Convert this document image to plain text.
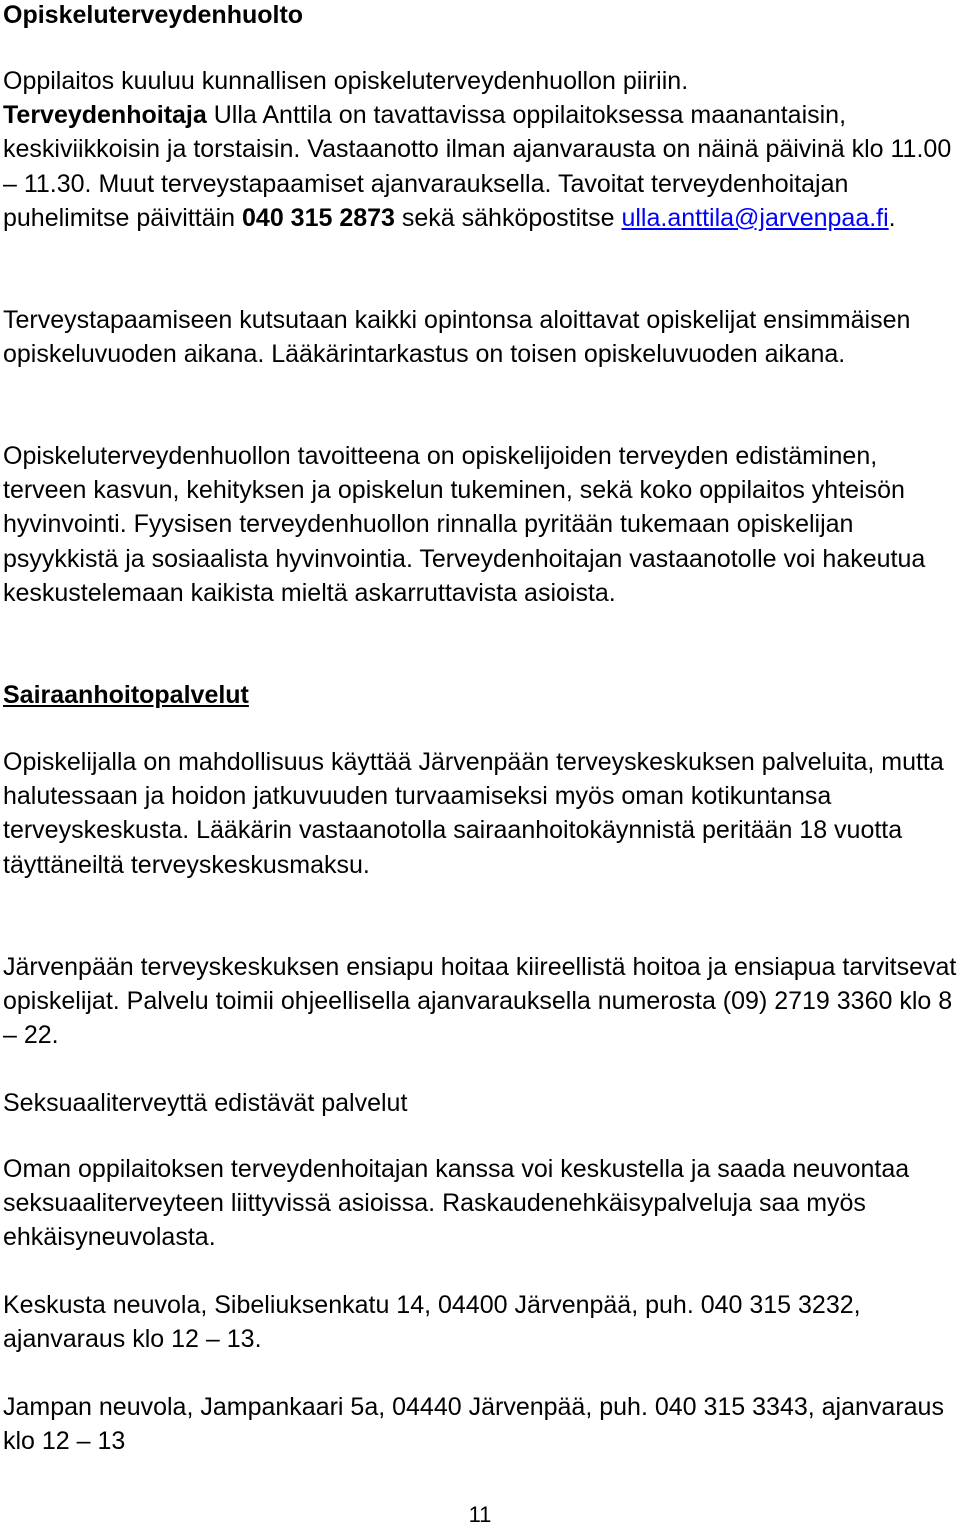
Opiskeluterveydenhuolto

Oppilaitos kuuluu kunnallisen opiskeluterveydenhuollon piiriin.
Terveydenhoitaja Ulla Anttila on tavattavissa oppilaitoksessa maanantaisin, keskiviikkoisin ja torstaisin. Vastaanotto ilman ajanvarausta on näinä päivinä klo 11.00 – 11.30. Muut terveystapaamiset ajanvarauksella. Tavoitat terveydenhoitajan puhelimitse päivittäin 040 315 2873 sekä sähköpostitse ulla.anttila@jarvenpaa.fi.

Terveystapaamiseen kutsutaan kaikki opintonsa aloittavat opiskelijat ensimmäisen opiskeluvuoden aikana. Lääkärintarkastus on toisen opiskeluvuoden aikana.

Opiskeluterveydenhuollon tavoitteena on opiskelijoiden terveyden edistäminen, terveen kasvun, kehityksen ja opiskelun tukeminen, sekä koko oppilaitos yhteisön hyvinvointi. Fyysisen terveydenhuollon rinnalla pyritään tukemaan opiskelijan psyykkistä ja sosiaalista hyvinvointia. Terveydenhoitajan vastaanotolle voi hakeutua keskustelemaan kaikista mieltä askarruttavista asioista.

Sairaanhoitopalvelut

Opiskelijalla on mahdollisuus käyttää Järvenpään terveyskeskuksen palveluita, mutta halutessaan ja hoidon jatkuvuuden turvaamiseksi myös oman kotikuntansa terveyskeskusta. Lääkärin vastaanotolla sairaanhoitokäynnistä peritään 18 vuotta täyttäneiltä terveyskeskusmaksu.

Järvenpään terveyskeskuksen ensiapu hoitaa kiireellistä hoitoa ja ensiapua tarvitsevat opiskelijat. Palvelu toimii ohjeellisella ajanvarauksella numerosta (09) 2719 3360 klo 8 – 22.

Seksuaaliterveyttä edistävät palvelut

Oman oppilaitoksen terveydenhoitajan kanssa voi keskustella ja saada neuvontaa seksuaaliterveyteen liittyvissä asioissa. Raskaudenehkäisypalveluja saa myös ehkäisyneuvolasta.

Keskusta neuvola, Sibeliuksenkatu 14, 04400 Järvenpää, puh. 040 315 3232, ajanvaraus klo 12 – 13.

Jampan neuvola, Jampankaari 5a, 04440 Järvenpää, puh. 040 315 3343, ajanvaraus klo 12 – 13

11
